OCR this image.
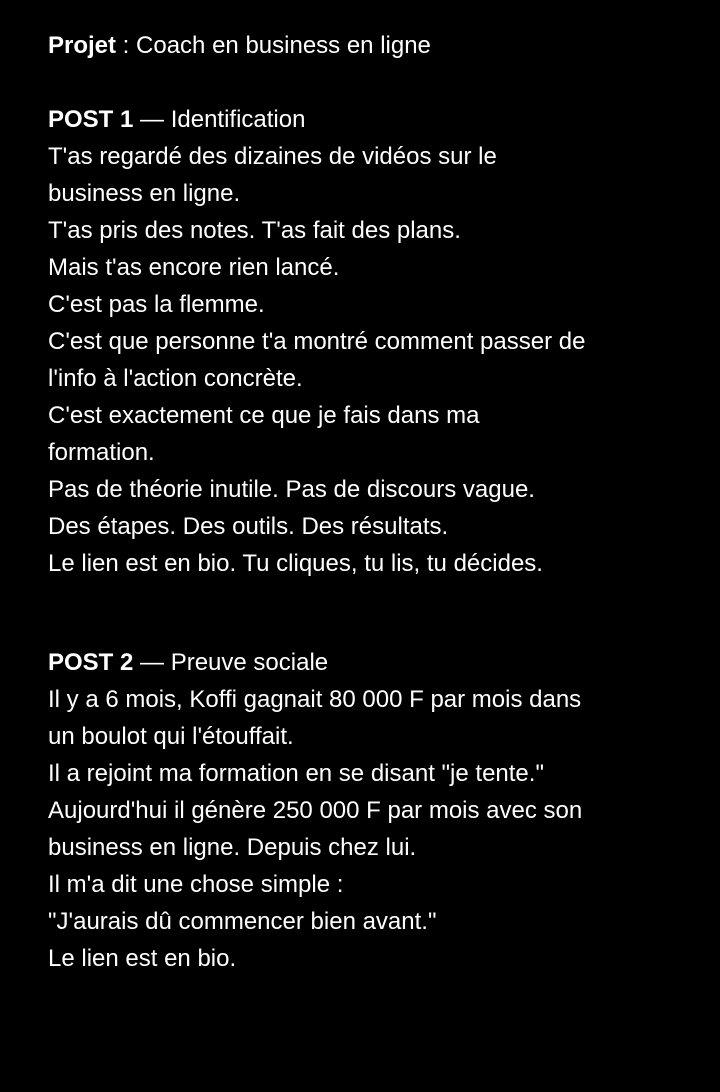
Projet : Coach en business en ligne
POST 1 — Identification
T'as regardé des dizaines de vidéos sur le
business en ligne.
T'as pris des notes. T'as fait des plans.
Mais t'as encore rien lancé.
C'est pas la flemme.
C'est que personne t'a montré comment passer de
l'info à l'action concrète.
C'est exactement ce que je fais dans ma
formation.
Pas de théorie inutile. Pas de discours vague.
Des étapes. Des outils. Des résultats.
Le lien est en bio. Tu cliques, tu lis, tu décides.
POST 2 — Preuve sociale
Il y a 6 mois, Koffi gagnait 80 000 F par mois dans
un boulot qui l'étouffait.
Il a rejoint ma formation en se disant "je tente."
Aujourd'hui il génère 250 000 F par mois avec son
business en ligne. Depuis chez lui.
Il m'a dit une chose simple :
"J'aurais dû commencer bien avant."
Le lien est en bio.
